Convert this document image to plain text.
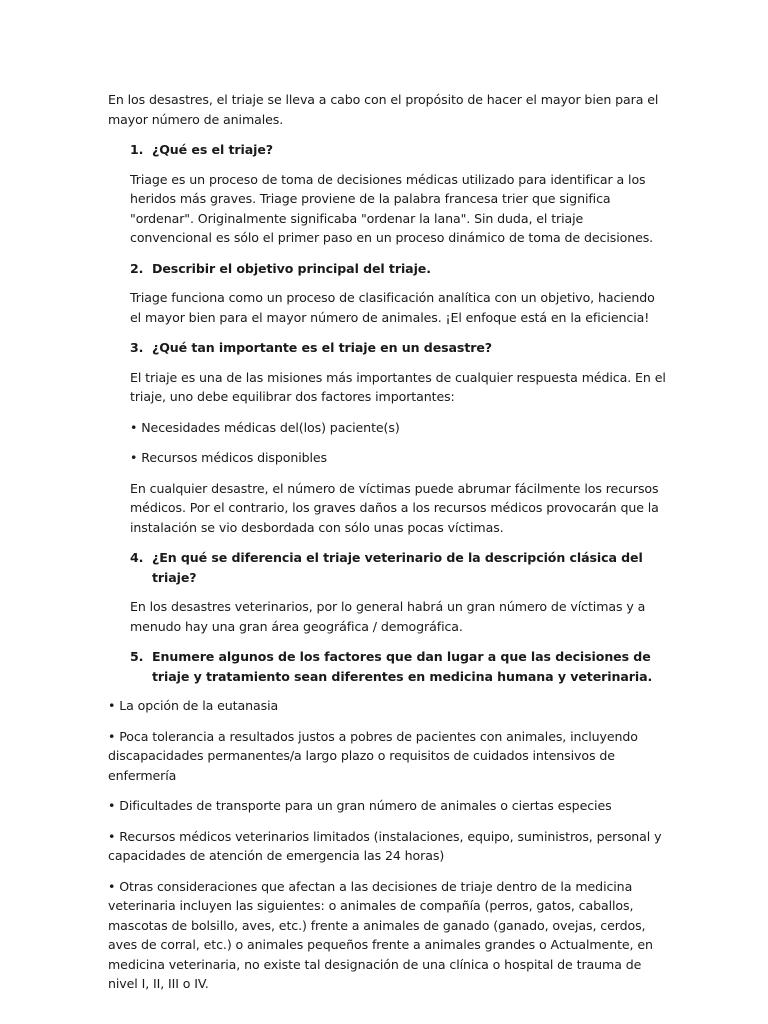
En los desastres, el triaje se lleva a cabo con el propósito de hacer el mayor bien para el mayor número de animales.

1. ¿Qué es el triaje?

Triage es un proceso de toma de decisiones médicas utilizado para identificar a los heridos más graves. Triage proviene de la palabra francesa trier que significa "ordenar". Originalmente significaba "ordenar la lana". Sin duda, el triaje convencional es sólo el primer paso en un proceso dinámico de toma de decisiones.

2. Describir el objetivo principal del triaje.

Triage funciona como un proceso de clasificación analítica con un objetivo, haciendo el mayor bien para el mayor número de animales. ¡El enfoque está en la eficiencia!

3. ¿Qué tan importante es el triaje en un desastre?

El triaje es una de las misiones más importantes de cualquier respuesta médica. En el triaje, uno debe equilibrar dos factores importantes:

• Necesidades médicas del(los) paciente(s)

• Recursos médicos disponibles

En cualquier desastre, el número de víctimas puede abrumar fácilmente los recursos médicos. Por el contrario, los graves daños a los recursos médicos provocarán que la instalación se vio desbordada con sólo unas pocas víctimas.

4. ¿En qué se diferencia el triaje veterinario de la descripción clásica del triaje?

En los desastres veterinarios, por lo general habrá un gran número de víctimas y a menudo hay una gran área geográfica / demográfica.

5. Enumere algunos de los factores que dan lugar a que las decisiones de triaje y tratamiento sean diferentes en medicina humana y veterinaria.

• La opción de la eutanasia

• Poca tolerancia a resultados justos a pobres de pacientes con animales, incluyendo discapacidades permanentes/a largo plazo o requisitos de cuidados intensivos de enfermería

• Dificultades de transporte para un gran número de animales o ciertas especies

• Recursos médicos veterinarios limitados (instalaciones, equipo, suministros, personal y capacidades de atención de emergencia las 24 horas)

• Otras consideraciones que afectan a las decisiones de triaje dentro de la medicina veterinaria incluyen las siguientes: o animales de compañía (perros, gatos, caballos, mascotas de bolsillo, aves, etc.) frente a animales de ganado (ganado, ovejas, cerdos, aves de corral, etc.) o animales pequeños frente a animales grandes o Actualmente, en medicina veterinaria, no existe tal designación de una clínica o hospital de trauma de nivel I, II, III o IV.
